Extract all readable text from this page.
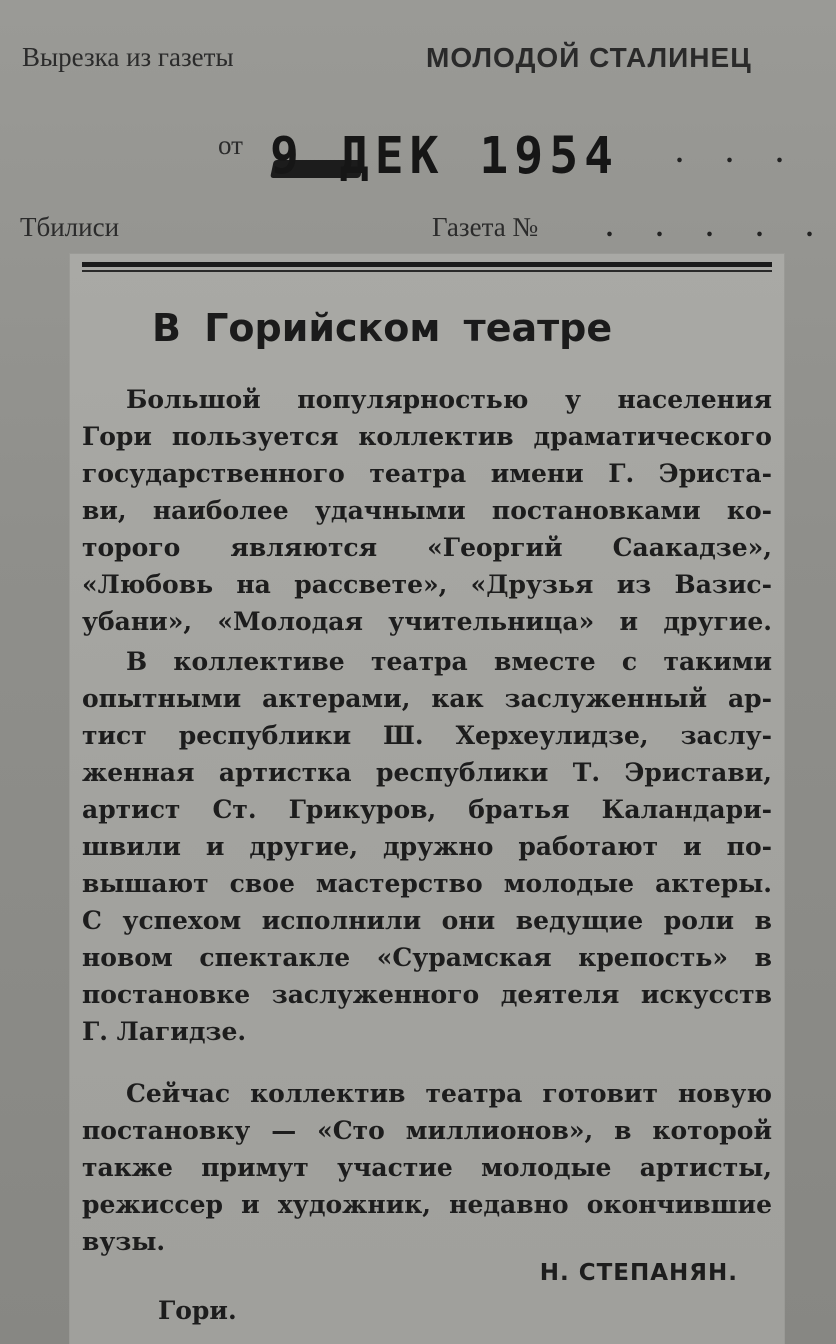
Вырезка из газеты	МОЛОДОЙ СТАЛИНЕЦ
от 9 ДЕК 1954 . . .
Тбилиси	Газета № . . . . .
В Горийском театре
Большой популярностью у населения
Гори пользуется коллектив драматического
государственного театра имени Г. Эриста-
ви, наиболее удачными постановками ко-
торого являются «Георгий Саакадзе»,
«Любовь на рассвете», «Друзья из Вазис-
убани», «Молодая учительница» и другие.
В коллективе театра вместе с такими
опытными актерами, как заслуженный ар-
тист республики Ш. Херхеулидзе, заслу-
женная артистка республики Т. Эристави,
артист Ст. Грикуров, братья Каландари-
швили и другие, дружно работают и по-
вышают свое мастерство молодые актеры.
С успехом исполнили они ведущие роли в
новом спектакле «Сурамская крепость» в
постановке заслуженного деятеля искусств
Г. Лагидзе.
Сейчас коллектив театра готовит новую
постановку — «Сто миллионов», в которой
также примут участие молодые артисты,
режиссер и художник, недавно окончившие
вузы.
Н. СТЕПАНЯН.
Гори.
